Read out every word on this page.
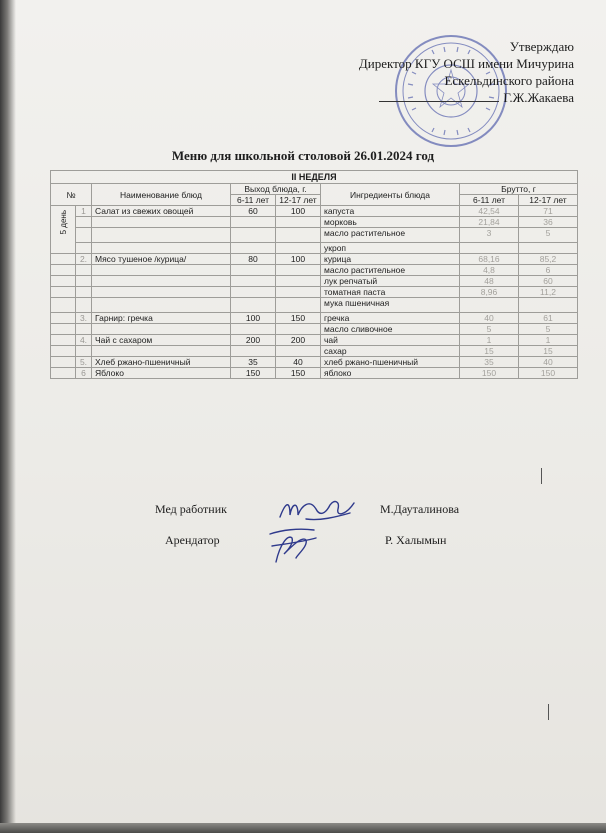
Утверждаю
Директор КГУ ОСШ имени Мичурина
Ескельдинского района
Г.Ж.Жакаева
Меню для школьной столовой 26.01.2024 год
II НЕДЕЛЯ							
№		Наименование блюд	Выход блюда, г.		Ингредиенты блюда	Брутто, г	
			6-11 лет	12-17 лет		6-11 лет	12-17 лет
5 день	1	Салат из свежих овощей	60	100	капуста	42,54	71
					морковь	21,84	36
					масло растительное	3	5
					укроп		
	2.	Мясо тушеное /курица/	80	100	курица	68,16	85,2
					масло растительное	4,8	6
					лук репчатый	48	60
					томатная паста	8,96	11,2
					мука пшеничная		
	3.	Гарнир: гречка	100	150	гречка	40	61
					масло сливочное	5	5
	4.	Чай с сахаром	200	200	чай	1	1
					сахар	15	15
	5.	Хлеб ржано-пшеничный	35	40	хлеб ржано-пшеничный	35	40
	6	Яблоко	150	150	яблоко	150	150
Мед работник	М.Дауталинова
Арендатор	Р. Халымын
